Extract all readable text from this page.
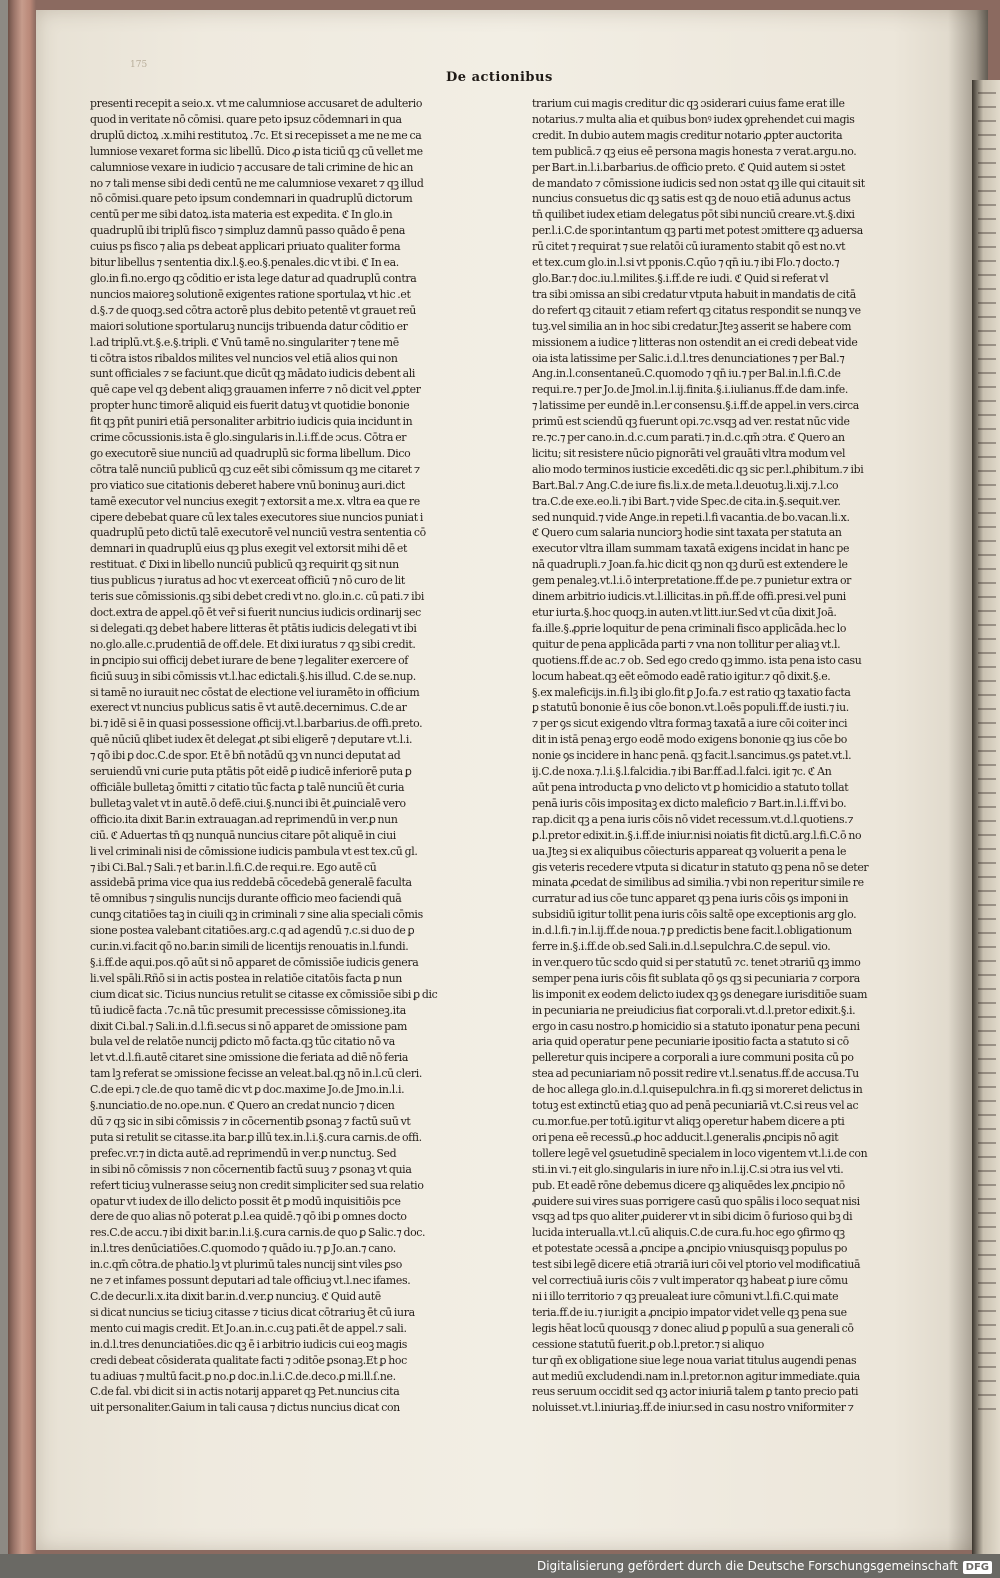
175
De actionibus
presenti recepit a seio.x. vt me calumniose accusaret de adulterio
quod in veritate nō cōmisi. quare peto ipsuz cōdemnari in qua
druplū dictoꝝ .x.mihi restitutoꝝ .7c. Et si recepisset a me ne me ca
lumniose vexaret forma sic libellū. Dico ꝓ ista ticiū qꝫ cū vellet me
calumniose vexare in iudicio ⁊ accusare de tali crimine de hic an
no ⁊ tali mense sibi dedi centū ne me calumniose vexaret ⁊ qꝫ illud
nō cōmisi.quare peto ipsum condemnari in quadruplū dictorum
centū per me sibi datoꝝ.ista materia est expedita. ℭ In glo.in
quadruplū ibi triplū fisco ⁊ simpluz damnū passo quādo ē pena
cuius ps fisco ⁊ alia ps debeat applicari priuato qualiter forma
bitur libellus ⁊ sententia dix.l.§.eo.§.penales.dic vt ibi. ℭ In ea.
glo.in fi.no.ergo qꝫ cōditio er ista lege datur ad quadruplū contra
nuncios maioreꝫ solutionē exigentes ratione sportulaꝝ vt hic .et
d.§.⁊ de quoqꝫ.sed cōtra actorē plus debito petentē vt grauet reū
maiori solutione sportularuꝫ nuncijs tribuenda datur cōditio er
l.ad triplū.vt.§.e.§.tripli. ℭ Vnū tamē no.singulariter ⁊ tene mē
ti cōtra istos ribaldos milites vel nuncios vel etiā alios qui non
sunt officiales ⁊ se faciunt.que dicūt qꝫ mādato iudicis debent ali
quē cape vel qꝫ debent aliqꝫ grauamen inferre ⁊ nō dicit vel ꝓpter
propter hunc timorē aliquid eis fuerit datuꝫ vt quotidie bononie
fit qꝫ pn̄t puniri etiā personaliter arbitrio iudicis quia incidunt in
crime cōcussionis.ista ē glo.singularis in.l.i.ff.de ɔcus. Cōtra er
go executorē siue nunciū ad quadruplū sic forma libellum. Dico
cōtra talē nunciū publicū qꝫ cuz eēt sibi cōmissum qꝫ me citaret ⁊
pro viatico sue citationis deberet habere vnū boninuꝫ auri.dict
tamē executor vel nuncius exegit ⁊ extorsit a me.x. vltra ea que re
cipere debebat quare cū lex tales executores siue nuncios puniat i
quadruplū peto dictū talē executorē vel nunciū vestra sententia cō
demnari in quadruplū eius qꝫ plus exegit vel extorsit mihi dē et
restituat. ℭ Dixi in libello nunciū publicū qꝫ requirit qꝫ sit nun
tius publicus ⁊ iuratus ad hoc vt exerceat officiū ⁊ nō curo de lit
teris sue cōmissionis.qꝫ sibi debet credi vt no. glo.in.c. cū pati.⁊ ibi
doct.extra de appel.qō ēt ver̄ si fuerit nuncius iudicis ordinarij sec
si delegati.qꝫ debet habere litteras ēt ptātis iudicis delegati vt ibi
no.glo.alle.c.prudentiā de off.dele. Et dixi iuratus ⁊ qꝫ sibi credit.
in ꝑncipio sui officij debet iurare de bene ⁊ legaliter exercere of
ficiū suuꝫ in sibi cōmissis vt.l.hac edictali.§.his illud. C.de se.nup.
si tamē no iurauit nec cōstat de electione vel iuramēto in officium
exerect vt nuncius publicus satis ē vt autē.decernimus. C.de ar
bi.⁊ idē si ē in quasi possessione officij.vt.l.barbarius.de offi.preto.
quē nūciū qlibet iudex ēt delegat ꝓt sibi eligerē ⁊ deputare vt.l.i.
⁊ qō ibi ꝑ doc.C.de spor. Et ē bn̄ notādū qꝫ vn nunci deputat ad
seruiendū vni curie puta ptātis pōt eidē ꝑ iudicē inferiorē puta ꝑ
officiāle bulletaꝫ ōmitti ⁊ citatio tūc facta ꝑ talē nunciū ēt curia
bulletaꝫ valet vt in autē.ō defē.ciui.§.nunci ibi ēt ꝓuincialē vero
officio.ita dixit Bar.in extrauagan.ad reprimendū in ver.ꝑ nun
ciū. ℭ Aduertas tn̄ qꝫ nunquā nuncius citare pōt aliquē in ciui
li vel criminali nisi de cōmissione iudicis pambula vt est tex.cū gl.
⁊ ibi Ci.Bal.⁊ Sali.⁊ et bar.in.l.fi.C.de requi.re. Ego autē cū
assidebā prima vice qua ius reddebā cōcedebā generalē faculta
tē omnibus ⁊ singulis nuncijs durante officio meo faciendi quā
cunqꝫ citatiōes taꝫ in ciuili qꝫ in criminali ⁊ sine alia speciali cōmis
sione postea valebant citatiōes.arg.c.q ad agendū ⁊.c.si duo de ꝑ
cur.in.vi.facit qō no.bar.in simili de licentijs renouatis in.l.fundi.
§.i.ff.de aqui.pos.qō aūt si nō apparet de cōmissiōe iudicis genera
li.vel spāli.Rñō si in actis postea in relatiōe citatōis facta ꝑ nun
cium dicat sic. Ticius nuncius retulit se citasse ex cōmissiōe sibi ꝑ dic
tū iudicē facta .7c.nā tūc presumit precessisse cōmissioneꝫ.ita
dixit Ci.bal.⁊ Sali.in.d.l.fi.secus si nō apparet de ɔmissione pam
bula vel de relatōe nuncij ꝑdicto mō facta.qꝫ tūc citatio nō va
let vt.d.l.fi.autē citaret sine ɔmissione die feriata ad diē nō feria
tam lꝫ referat se ɔmissione fecisse an veleat.bal.qꝫ nō in.l.cū cleri.
C.de epi.⁊ cle.de quo tamē dic vt ꝑ doc.maxime Jo.de Jmo.in.l.i.
§.nunciatio.de no.ope.nun. ℭ Quero an credat nuncio ⁊ dicen
dū ⁊ qꝫ sic in sibi cōmissis ⁊ in cōcernentib ꝑsonaꝫ ⁊ factū suū vt
puta si retulit se citasse.ita bar.ꝑ illū tex.in.l.i.§.cura carnis.de offi.
prefec.vr.⁊ in dicta autē.ad reprimendū in ver.ꝑ nunctuꝫ. Sed
in sibi nō cōmissis ⁊ non cōcernentib factū suuꝫ ⁊ ꝑsonaꝫ vt quia
refert ticiuꝫ vulnerasse seiuꝫ non credit simpliciter sed sua relatio
opatur vt iudex de illo delicto possit ēt ꝑ modū inquisitiōis pce
dere de quo alias nō poterat ꝑ.l.ea quidē.⁊ qō ibi ꝑ omnes docto
res.C.de accu.⁊ ibi dixit bar.in.l.i.§.cura carnis.de quo ꝑ Salic.⁊ doc.
in.l.tres denūciatiōes.C.quomodo ⁊ quādo iu.⁊ ꝑ Jo.an.⁊ cano.
in.c.qm̄ cōtra.de phatio.lꝫ vt plurimū tales nuncij sint viles ꝑso
ne ⁊ et infames possunt deputari ad tale officiuꝫ vt.l.nec ifames.
C.de decur.li.x.ita dixit bar.in.d.ver.ꝑ nunciuꝫ. ℭ Quid autē
si dicat nuncius se ticiuꝫ citasse ⁊ ticius dicat cōtrariuꝫ ēt cū iura
mento cui magis credit. Et Jo.an.in.c.cuꝫ pati.ēt de appel.⁊ sali.
in.d.l.tres denunciatiōes.dic qꝫ ē i arbitrio iudicis cui eoꝫ magis
credi debeat cōsiderata qualitate facti ⁊ ɔditōe ꝑsonaꝫ.Et ꝑ hoc
tu adiuas ⁊ multū facit.ꝑ no.ꝑ doc.in.l.i.C.de.deco.ꝑ mi.ll.ſ.ne.
C.de fal. vbi dicit si in actis notarij apparet qꝫ Pet.nuncius cita
uit personaliter.Gaium in tali causa ⁊ dictus nuncius dicat con
trarium cui magis creditur dic qꝫ ɔsiderari cuius fame erat ille
notarius.⁊ multa alia et quibus bonꝰ iudex ꝯprehendet cui magis
credit. In dubio autem magis creditur notario ꝓpter auctorita
tem publicā.⁊ qꝫ eius eē persona magis honesta ⁊ verat.argu.no.
per Bart.in.l.i.barbarius.de officio preto. ℭ Quid autem si ɔstet
de mandato ⁊ cōmissione iudicis sed non ɔstat qꝫ ille qui citauit sit
nuncius consuetus dic qꝫ satis est qꝫ de nouo etiā adunus actus
tn̄ quilibet iudex etiam delegatus pōt sibi nunciū creare.vt.§.dixi
per.l.i.C.de spor.intantum qꝫ parti met potest ɔmittere qꝫ aduersa
rū citet ⁊ requirat ⁊ sue relatōi cū iuramento stabit qō est no.vt
et tex.cum glo.in.l.si vt pponis.C.qūo ⁊ qn̄ iu.⁊ ibi Flo.⁊ docto.⁊
glo.Bar.⁊ doc.iu.l.milites.§.i.ff.de re iudi. ℭ Quid si referat vl
tra sibi ɔmissa an sibi credatur vtputa habuit in mandatis de citā
do refert qꝫ citauit ⁊ etiam refert qꝫ citatus respondit se nunqꝫ ve
tuꝫ.vel similia an in hoc sibi credatur.Jteꝫ asserit se habere com
missionem a iudice ⁊ litteras non ostendit an ei credi debeat vide
oia ista latissime per Salic.i.d.l.tres denunciationes ⁊ per Bal.⁊
Ang.in.l.consentaneū.C.quomodo ⁊ qn̄ iu.⁊ per Bal.in.l.fi.C.de
requi.re.⁊ per Jo.de Jmol.in.l.ij.finita.§.i.iulianus.ff.de dam.infe.
⁊ latissime per eundē in.l.er consensu.§.i.ff.de appel.in vers.circa
primū est sciendū qꝫ fuerunt opi.⁊c.vsqꝫ ad ver. restat nūc vide
re.⁊c.⁊ per cano.in.d.c.cum parati.⁊ in.d.c.qm̄ ɔtra. ℭ Quero an
licitu; sit resistere nūcio pignorāti vel grauāti vltra modum vel
alio modo terminos iusticie excedēti.dic qꝫ sic per.l.ꝓhibitum.⁊ ibi
Bart.Bal.⁊ Ang.C.de iure fis.li.x.de meta.l.deuotuꝫ.li.xij.⁊.l.co
tra.C.de exe.eo.li.⁊ ibi Bart.⁊ vide Spec.de cita.in.§.sequit.ver.
sed nunquid.⁊ vide Ange.in repeti.l.fi vacantia.de bo.vacan.li.x.
ℭ Quero cum salaria nunciorꝫ hodie sint taxata per statuta an
executor vltra illam summam taxatā exigens incidat in hanc pe
nā quadrupli.⁊ Joan.fa.hic dicit qꝫ non qꝫ durū est extendere le
gem penaleꝫ.vt.l.i.ō interpretatione.ff.de pe.⁊ punietur extra or
dinem arbitrio iudicis.vt.l.illicitas.in pn̄.ff.de offi.presi.vel puni
etur iurta.§.hoc quoqꝫ.in auten.vt litt.iur.Sed vt cūa dixit Joā.
fa.ille.§.ꝓprie loquitur de pena criminali fisco applicāda.hec lo
quitur de pena applicāda parti ⁊ vna non tollitur per aliaꝫ vt.l.
quotiens.ff.de ac.⁊ ob. Sed ego credo qꝫ immo. ista pena isto casu
locum habeat.qꝫ eēt eōmodo eadē ratio igitur.⁊ qō dixit.§.e.
§.ex maleficijs.in.fi.lꝫ ibi glo.fit ꝑ Jo.fa.⁊ est ratio qꝫ taxatio facta
ꝑ statutū bononie ē ius cōe bonon.vt.l.oēs populi.ff.de iusti.⁊ iu.
⁊ per ꝯs sicut exigendo vltra formaꝫ taxatā a iure cōi coiter inci
dit in istā penaꝫ ergo eodē modo exigens bononie qꝫ ius cōe bo
nonie ꝯs incidere in hanc penā. qꝫ facit.l.sancimus.ꝯs patet.vt.l.
ij.C.de noxa.⁊.l.i.§.l.falcidia.⁊ ibi Bar.ff.ad.l.falci. igit ⁊c. ℭ An
aūt pena introducta ꝑ vno delicto vt ꝑ homicidio a statuto tollat
penā iuris cōis impositaꝫ ex dicto maleficio ⁊ Bart.in.l.i.ff.vi bo.
rap.dicit qꝫ a pena iuris cōis nō videt recessum.vt.d.l.quotiens.⁊
ꝑ.l.pretor edixit.in.§.i.ff.de iniur.nisi noiatis fit dictū.arg.l.fi.C.ō no
ua.Jteꝫ si ex aliquibus cōiecturis appareat qꝫ voluerit a pena le
gis veteris recedere vtputa si dicatur in statuto qꝫ pena nō se deter
minata ꝓcedat de similibus ad similia.⁊ vbi non reperitur simile re
curratur ad ius cōe tunc apparet qꝫ pena iuris cōis ꝯs imponi in
subsidiū igitur tollit pena iuris cōis saltē ope exceptionis arg glo.
in.d.l.fi.⁊ in.l.ij.ff.de noua.⁊ ꝑ predictis bene facit.l.obligationum
ferre in.§.i.ff.de ob.sed Sali.in.d.l.sepulchra.C.de sepul. vio.
in ver.quero tūc scdo quid si per statutū ⁊c. tenet ɔtrariū qꝫ immo
semper pena iuris cōis fit sublata qō ꝯs qꝫ si pecuniaria ⁊ corpora
lis imponit ex eodem delicto iudex qꝫ ꝯs denegare iurisditiōe suam
in pecuniaria ne preiudicius fiat corporali.vt.d.l.pretor edixit.§.i.
ergo in casu nostro.ꝑ homicidio si a statuto iponatur pena pecuni
aria quid operatur pene pecuniarie ipositio facta a statuto si cō
pelleretur quis incipere a corporali a iure communi posita cū po
stea ad pecuniariam nō possit redire vt.l.senatus.ff.de accusa.Tu
de hoc allega glo.in.d.l.quisepulchra.in fi.qꝫ si moreret delictus in
totuꝫ est extinctū etiaꝫ quo ad penā pecuniariā vt.C.si reus vel ac
cu.mor.fue.per totū.igitur vt aliqꝫ operetur habem dicere a pti
ori pena eē recessū.ꝓ hoc adducit.l.generalis ꝓncipis nō agit
tollere legē vel ꝯsuetudinē specialem in loco vigentem vt.l.i.de con
sti.in vi.⁊ eit glo.singularis in iure nr̄o in.l.ij.C.si ɔtra ius vel vti.
pub. Et eadē rōne debemus dicere qꝫ aliquēdes lex ꝓncipio nō
ꝓuidere sui vires suas porrigere casū quo spālis i loco sequat nisi
vsqꝫ ad tps quo aliter ꝓuiderer vt in sibi dicim ō furioso qui bꝫ di
lucida interualla.vt.l.cū aliquis.C.de cura.fu.hoc ego ꝯfirmo qꝫ
et potestate ɔcessā a ꝓncipe a ꝓncipio vniusquisqꝫ populus po
test sibi legē dicere etiā ɔtrariā iuri cōi vel ptorio vel modificatiuā
vel correctiuā iuris cōis ⁊ vult imperator qꝫ habeat ꝑ iure cōmu
ni i illo territorio ⁊ qꝫ preualeat iure cōmuni vt.l.fi.C.qui mate
teria.ff.de iu.⁊ iur.igit a ꝓncipio impator videt velle qꝫ pena sue
legis hēat locū quousqꝫ ⁊ donec aliud ꝑ populū a sua generali cō
cessione statutū fuerit.ꝑ ob.l.pretor.⁊ si aliquo
tur qn̄ ex obligatione siue lege noua variat titulus augendi penas
aut mediū excludendi.nam in.l.pretor.non agitur immediate.quia
reus seruum occidit sed qꝫ actor iniuriā talem ꝑ tanto precio pati
noluisset.vt.l.iniuriaꝫ.ff.de iniur.sed in casu nostro vniformiter ⁊
Digitalisierung gefördert durch die Deutsche Forschungsgemeinschaft DFG
